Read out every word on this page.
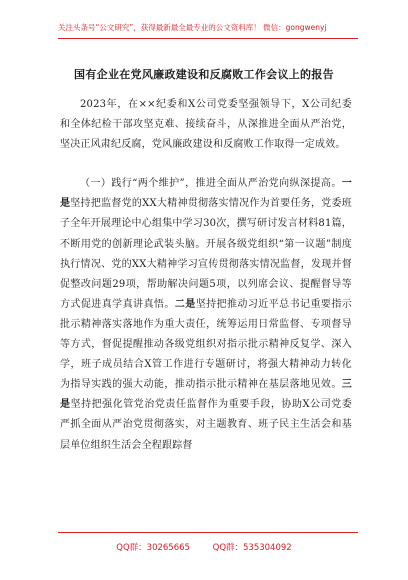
关注头条号“公文研究”，获得最新最全最专业的公文资料库！ 微信：gongwenyj
国有企业在党风廉政建设和反腐败工作会议上的报告

2023年，在××纪委和X公司党委坚强领导下，X公司纪委和全体纪检干部攻坚克难、接续奋斗，从深推进全面从严治党，坚决正风肃纪反腐，党风廉政建设和反腐败工作取得一定成效。

（一）践行“两个维护”，推进全面从严治党向纵深提高。一是坚持把监督党的XX大精神贯彻落实情况作为首要任务，党委班子全年开展理论中心组集中学习30次，撰写研讨发言材料81篇，不断用党的创新理论武装头脑。开展各级党组织“第一议题”制度执行情况、党的XX大精神学习宣传贯彻落实情况监督，发现并督促整改问题29项，帮助解决问题5项，以列席会议、提醒督导等方式促进真学真讲真悟。二是坚持把推动习近平总书记重要指示批示精神落实落地作为重大责任，统筹运用日常监督、专项督导等方式，督促提醒推动各级党组织对指示批示精神反复学、深入学，班子成员结合X管工作进行专题研讨，将强大精神动力转化为指导实践的强大动能，推动指示批示精神在基层落地见效。三是坚持把强化管党治党责任监督作为重要手段，协助X公司党委严抓全面从严治党贯彻落实，对主题教育、班子民主生活会和基层单位组织生活会全程跟踪督

QQ群：30265665	QQ群：535304092
